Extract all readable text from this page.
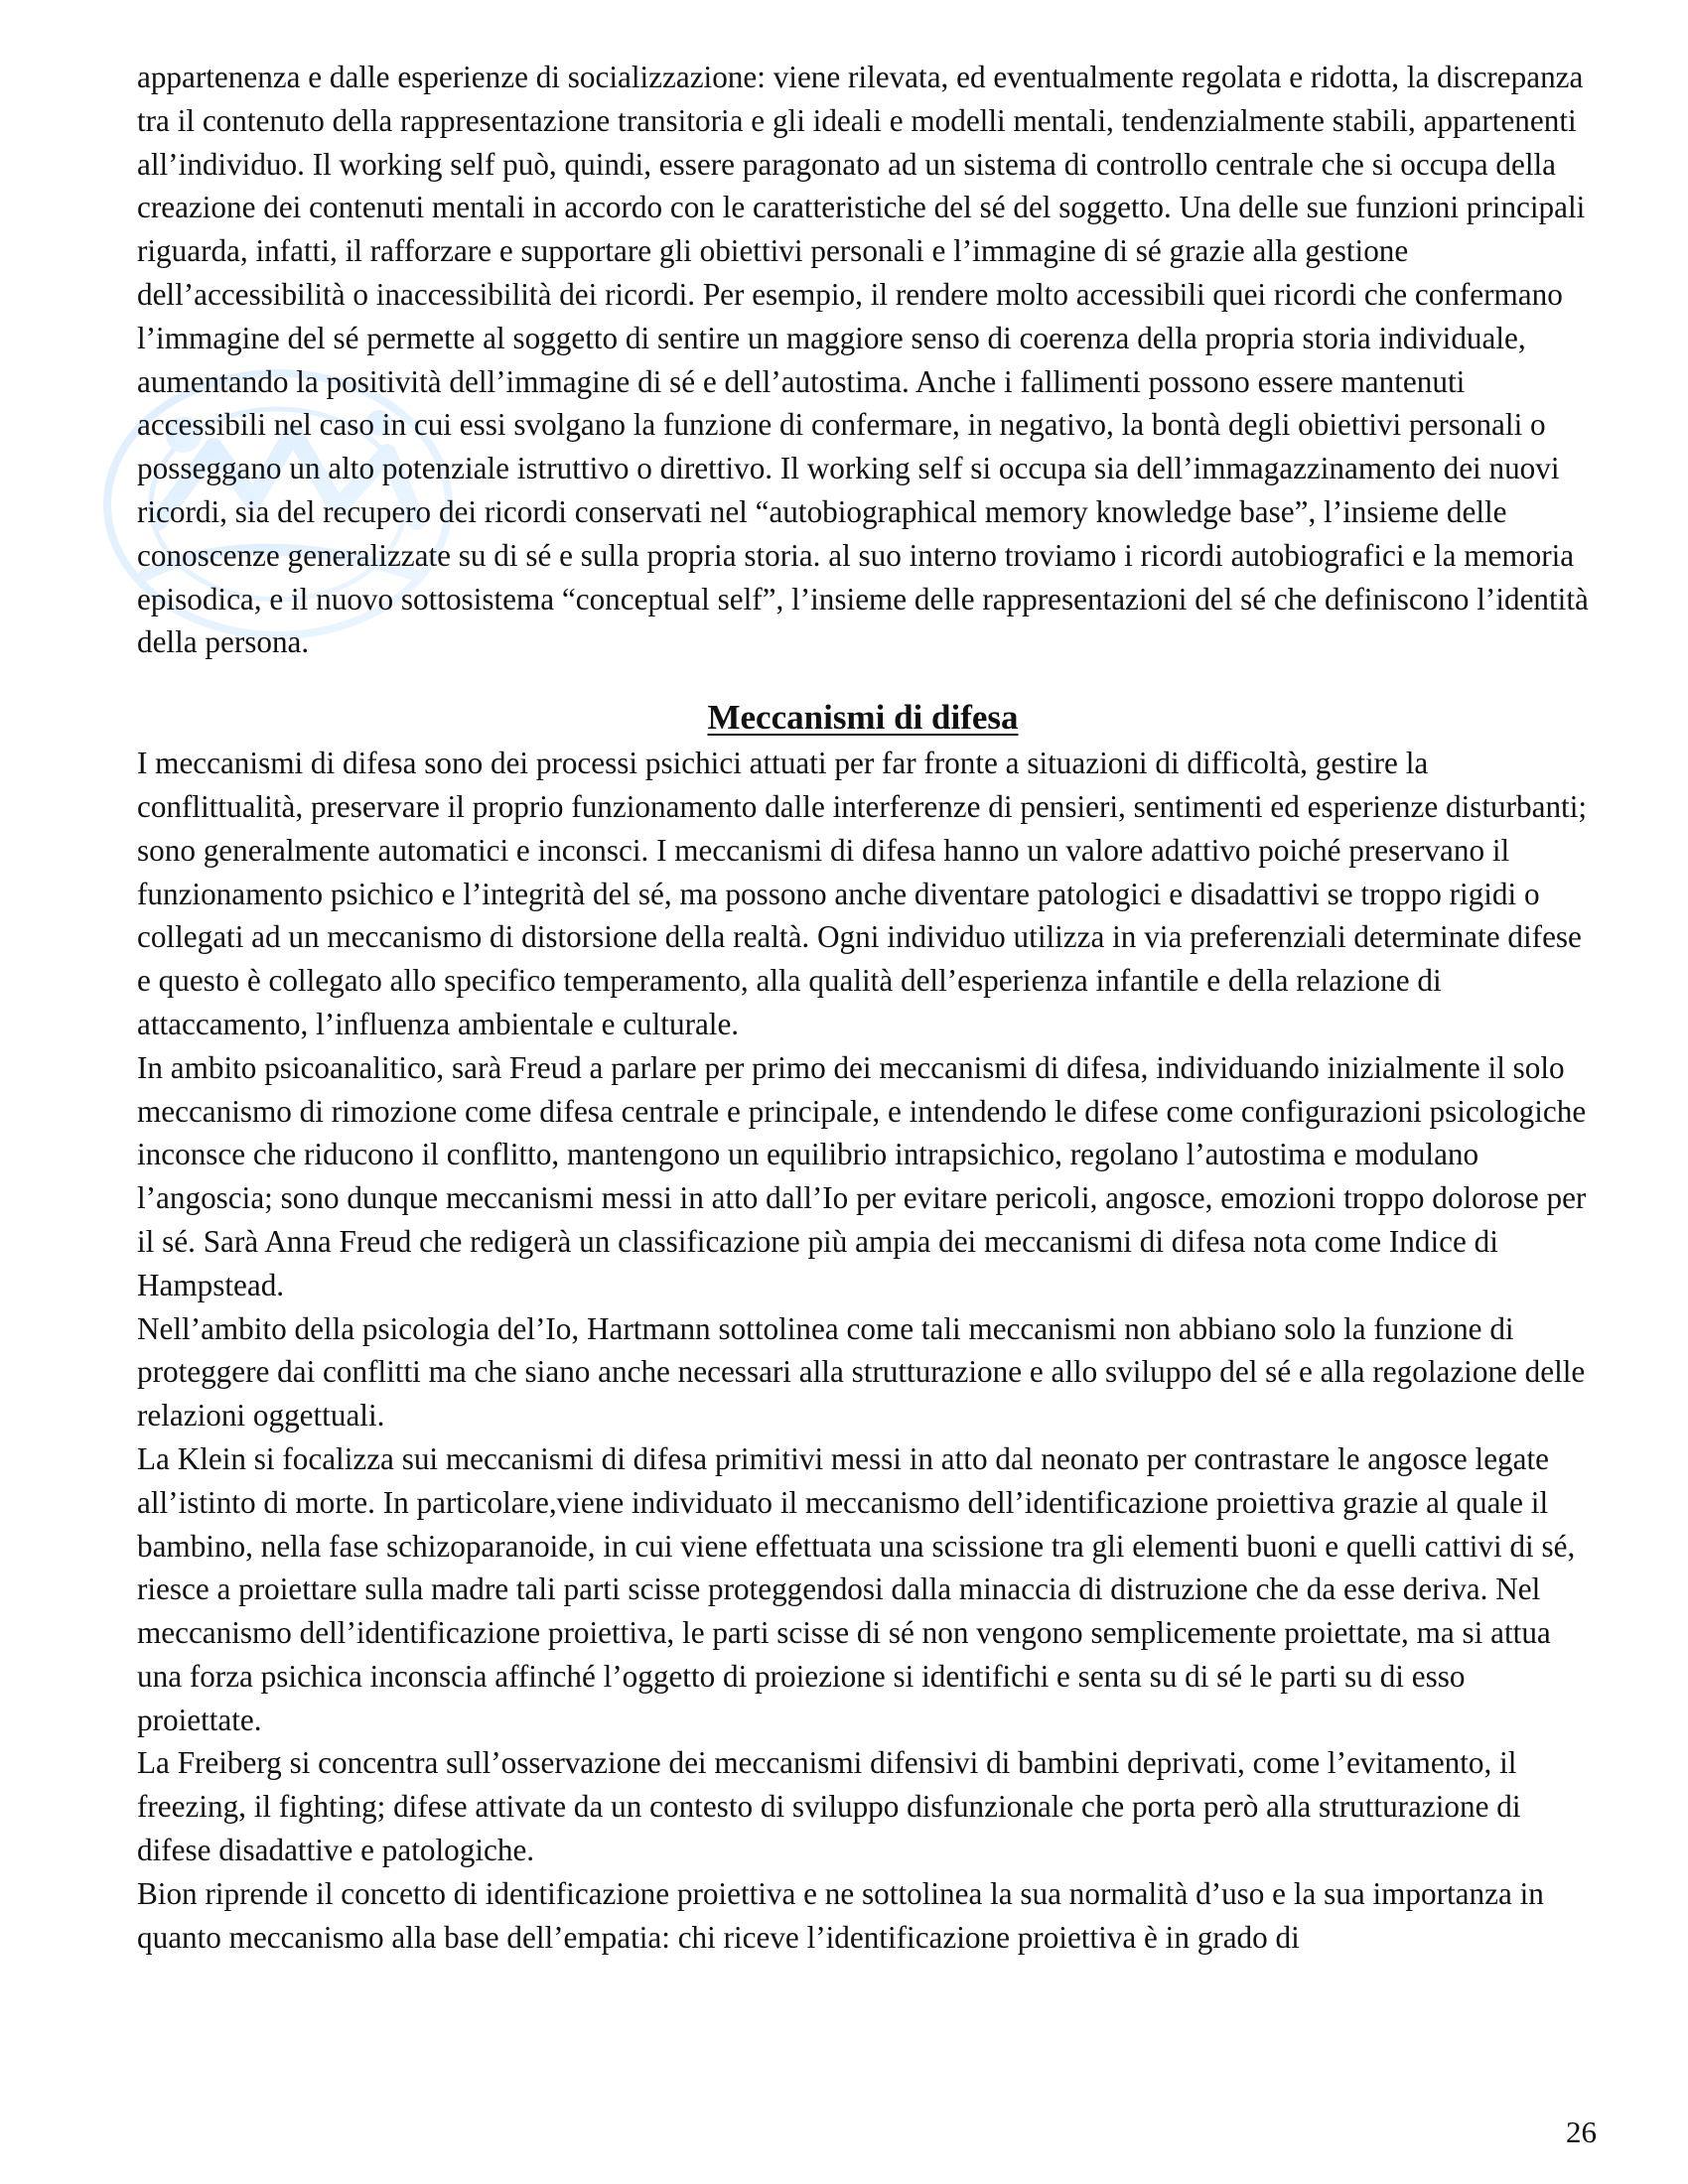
appartenenza e dalle esperienze di socializzazione: viene rilevata, ed eventualmente regolata e ridotta, la discrepanza tra il contenuto della rappresentazione transitoria e gli ideali e modelli mentali, tendenzialmente stabili, appartenenti all’individuo. Il working self può, quindi, essere paragonato ad un sistema di controllo centrale che si occupa della creazione dei contenuti mentali in accordo con le caratteristiche del sé del soggetto. Una delle sue funzioni principali riguarda, infatti, il rafforzare e supportare gli obiettivi personali e l’immagine di sé grazie alla gestione dell’accessibilità o inaccessibilità dei ricordi. Per esempio, il rendere molto accessibili quei ricordi che confermano l’immagine del sé permette al soggetto di sentire un maggiore senso di coerenza della propria storia individuale, aumentando la positività dell’immagine di sé e dell’autostima. Anche i fallimenti possono essere mantenuti accessibili nel caso in cui essi svolgano la funzione di confermare, in negativo, la bontà degli obiettivi personali o posseggano un alto potenziale istruttivo o direttivo. Il working self si occupa sia dell’immagazzinamento dei nuovi ricordi, sia del recupero dei ricordi conservati nel “autobiographical memory knowledge base”, l’insieme delle conoscenze generalizzate su di sé e sulla propria storia. al suo interno troviamo i ricordi autobiografici e la memoria episodica, e il nuovo sottosistema “conceptual self”, l’insieme delle rappresentazioni del sé che definiscono l’identità della persona.

Meccanismi di difesa

I meccanismi di difesa sono dei processi psichici attuati per far fronte a situazioni di difficoltà, gestire la conflittualità, preservare il proprio funzionamento dalle interferenze di pensieri, sentimenti ed esperienze disturbanti; sono generalmente automatici e inconsci. I meccanismi di difesa hanno un valore adattivo poiché preservano il funzionamento psichico e l’integrità del sé, ma possono anche diventare patologici e disadattivi se troppo rigidi o collegati ad un meccanismo di distorsione della realtà. Ogni individuo utilizza in via preferenziali determinate difese e questo è collegato allo specifico temperamento, alla qualità dell’esperienza infantile e della relazione di attaccamento, l’influenza ambientale e culturale.

In ambito psicoanalitico, sarà Freud a parlare per primo dei meccanismi di difesa, individuando inizialmente il solo meccanismo di rimozione come difesa centrale e principale, e intendendo le difese come configurazioni psicologiche inconsce che riducono il conflitto, mantengono un equilibrio intrapsichico, regolano l’autostima e modulano l’angoscia; sono dunque meccanismi messi in atto dall’Io per evitare pericoli, angosce, emozioni troppo dolorose per il sé. Sarà Anna Freud che redigerà un classificazione più ampia dei meccanismi di difesa nota come Indice di Hampstead.

Nell’ambito della psicologia del’Io, Hartmann sottolinea come tali meccanismi non abbiano solo la funzione di proteggere dai conflitti ma che siano anche necessari alla strutturazione e allo sviluppo del sé e alla regolazione delle relazioni oggettuali.

La Klein si focalizza sui meccanismi di difesa primitivi messi in atto dal neonato per contrastare le angosce legate all’istinto di morte. In particolare,viene individuato il meccanismo dell’identificazione proiettiva grazie al quale il bambino, nella fase schizoparanoide, in cui viene effettuata una scissione tra gli elementi buoni e quelli cattivi di sé, riesce a proiettare sulla madre tali parti scisse proteggendosi dalla minaccia di distruzione che da esse deriva. Nel meccanismo dell’identificazione proiettiva, le parti scisse di sé non vengono semplicemente proiettate, ma si attua una forza psichica inconscia affinché l’oggetto di proiezione si identifichi e senta su di sé le parti su di esso proiettate.

La Freiberg si concentra sull’osservazione dei meccanismi difensivi di bambini deprivati, come l’evitamento, il freezing, il fighting; difese attivate da un contesto di sviluppo disfunzionale che porta però alla strutturazione di difese disadattive e patologiche.

Bion riprende il concetto di identificazione proiettiva e ne sottolinea la sua normalità d’uso e la sua importanza in quanto meccanismo alla base dell’empatia: chi riceve l’identificazione proiettiva è in grado di

26
